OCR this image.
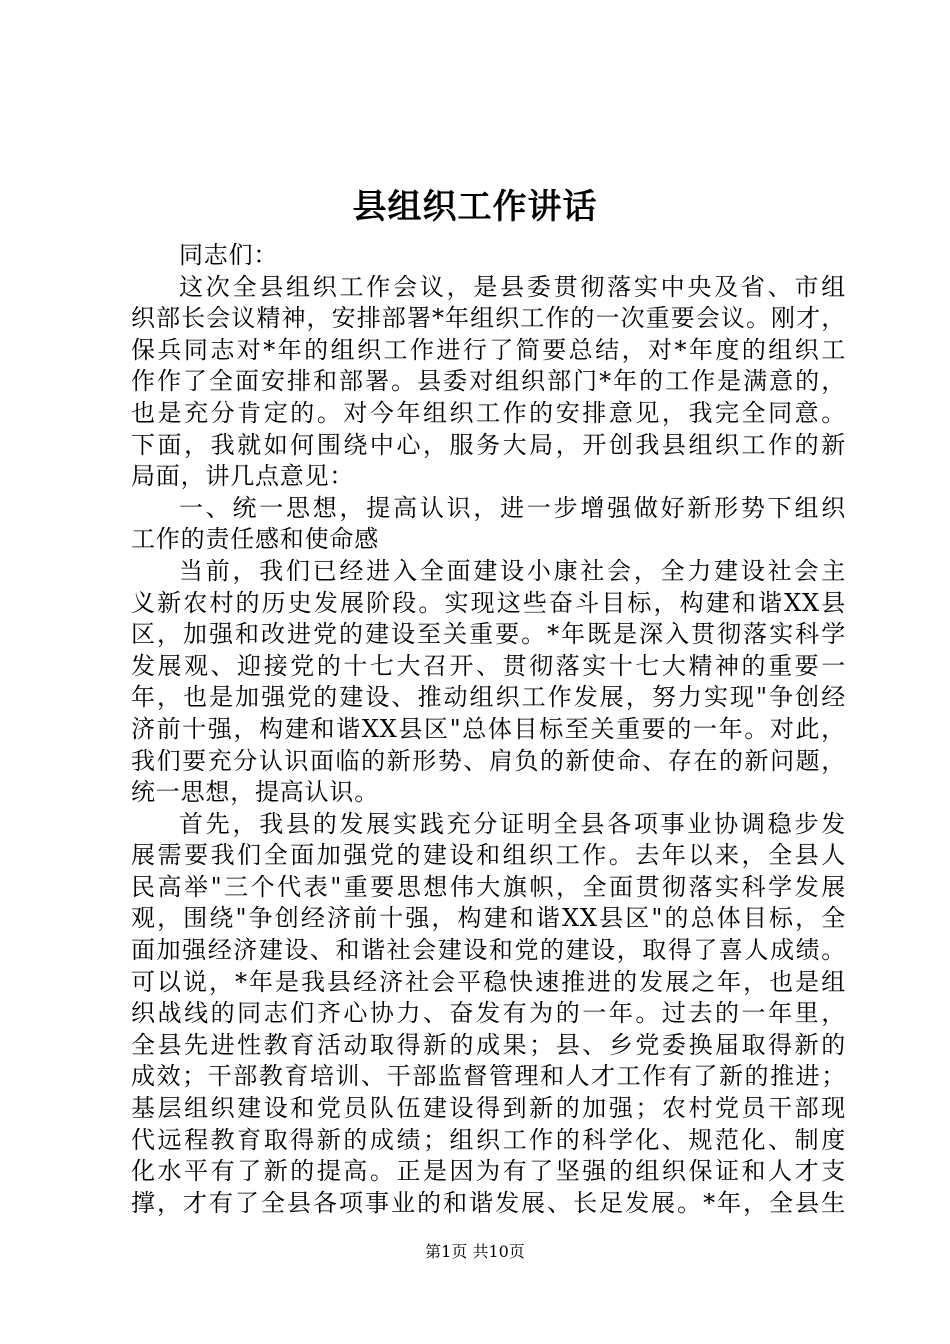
县组织工作讲话
同志们：
这次全县组织工作会议，是县委贯彻落实中央及省、市组
织部长会议精神，安排部署*年组织工作的一次重要会议。刚才，
保兵同志对*年的组织工作进行了简要总结，对*年度的组织工
作作了全面安排和部署。县委对组织部门*年的工作是满意的，
也是充分肯定的。对今年组织工作的安排意见，我完全同意。
下面，我就如何围绕中心，服务大局，开创我县组织工作的新
局面，讲几点意见：
一、统一思想，提高认识，进一步增强做好新形势下组织
工作的责任感和使命感
当前，我们已经进入全面建设小康社会，全力建设社会主
义新农村的历史发展阶段。实现这些奋斗目标，构建和谐XX县
区，加强和改进党的建设至关重要。*年既是深入贯彻落实科学
发展观、迎接党的十七大召开、贯彻落实十七大精神的重要一
年，也是加强党的建设、推动组织工作发展，努力实现"争创经
济前十强，构建和谐XX县区"总体目标至关重要的一年。对此，
我们要充分认识面临的新形势、肩负的新使命、存在的新问题，
统一思想，提高认识。
首先，我县的发展实践充分证明全县各项事业协调稳步发
展需要我们全面加强党的建设和组织工作。去年以来，全县人
民高举"三个代表"重要思想伟大旗帜，全面贯彻落实科学发展
观，围绕"争创经济前十强，构建和谐XX县区"的总体目标，全
面加强经济建设、和谐社会建设和党的建设，取得了喜人成绩。
可以说，*年是我县经济社会平稳快速推进的发展之年，也是组
织战线的同志们齐心协力、奋发有为的一年。过去的一年里，
全县先进性教育活动取得新的成果；县、乡党委换届取得新的
成效；干部教育培训、干部监督管理和人才工作有了新的推进；
基层组织建设和党员队伍建设得到新的加强；农村党员干部现
代远程教育取得新的成绩；组织工作的科学化、规范化、制度
化水平有了新的提高。正是因为有了坚强的组织保证和人才支
撑，才有了全县各项事业的和谐发展、长足发展。*年，全县生
第1页 共10页
